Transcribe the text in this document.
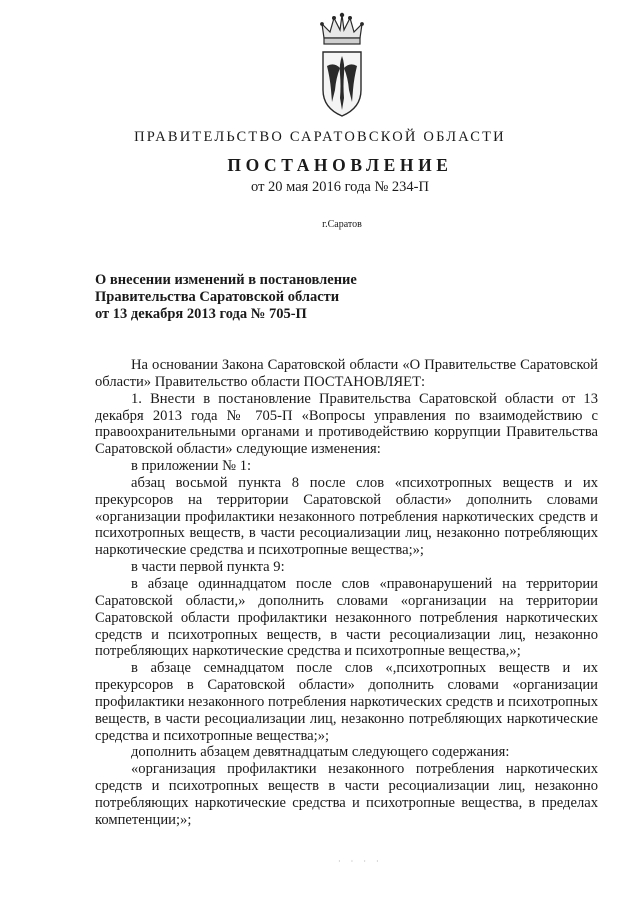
ПРАВИТЕЛЬСТВО САРАТОВСКОЙ ОБЛАСТИ
ПОСТАНОВЛЕНИЕ
от 20 мая 2016 года № 234-П
г.Саратов
О внесении изменений в постановление
Правительства Саратовской области
от 13 декабря 2013 года № 705-П

На основании Закона Саратовской области «О Правительстве Саратовской области» Правительство области ПОСТАНОВЛЯЕТ:

1. Внести в постановление Правительства Саратовской области от 13 декабря 2013 года № 705-П «Вопросы управления по взаимодействию с правоохранительными органами и противодействию коррупции Правительства Саратовской области» следующие изменения:

в приложении № 1:

абзац восьмой пункта 8 после слов «психотропных веществ и их прекурсоров на территории Саратовской области» дополнить словами «организации профилактики незаконного потребления наркотических средств и психотропных веществ, в части ресоциализации лиц, незаконно потребляющих наркотические средства и психотропные вещества;»;

в части первой пункта 9:

в абзаце одиннадцатом после слов «правонарушений на территории Саратовской области,» дополнить словами «организации на территории Саратовской области профилактики незаконного потребления наркотических средств и психотропных веществ, в части ресоциализации лиц, незаконно потребляющих наркотические средства и психотропные вещества,»;

в абзаце семнадцатом после слов «,психотропных веществ и их прекурсоров в Саратовской области» дополнить словами «организации профилактики незаконного потребления наркотических средств и психотропных веществ, в части ресоциализации лиц, незаконно потребляющих наркотические средства и психотропные вещества;»;

дополнить абзацем девятнадцатым следующего содержания:

«организация профилактики незаконного потребления наркотических средств и психотропных веществ в части ресоциализации лиц, незаконно потребляющих наркотические средства и психотропные вещества, в пределах компетенции;»;

· · · ·
